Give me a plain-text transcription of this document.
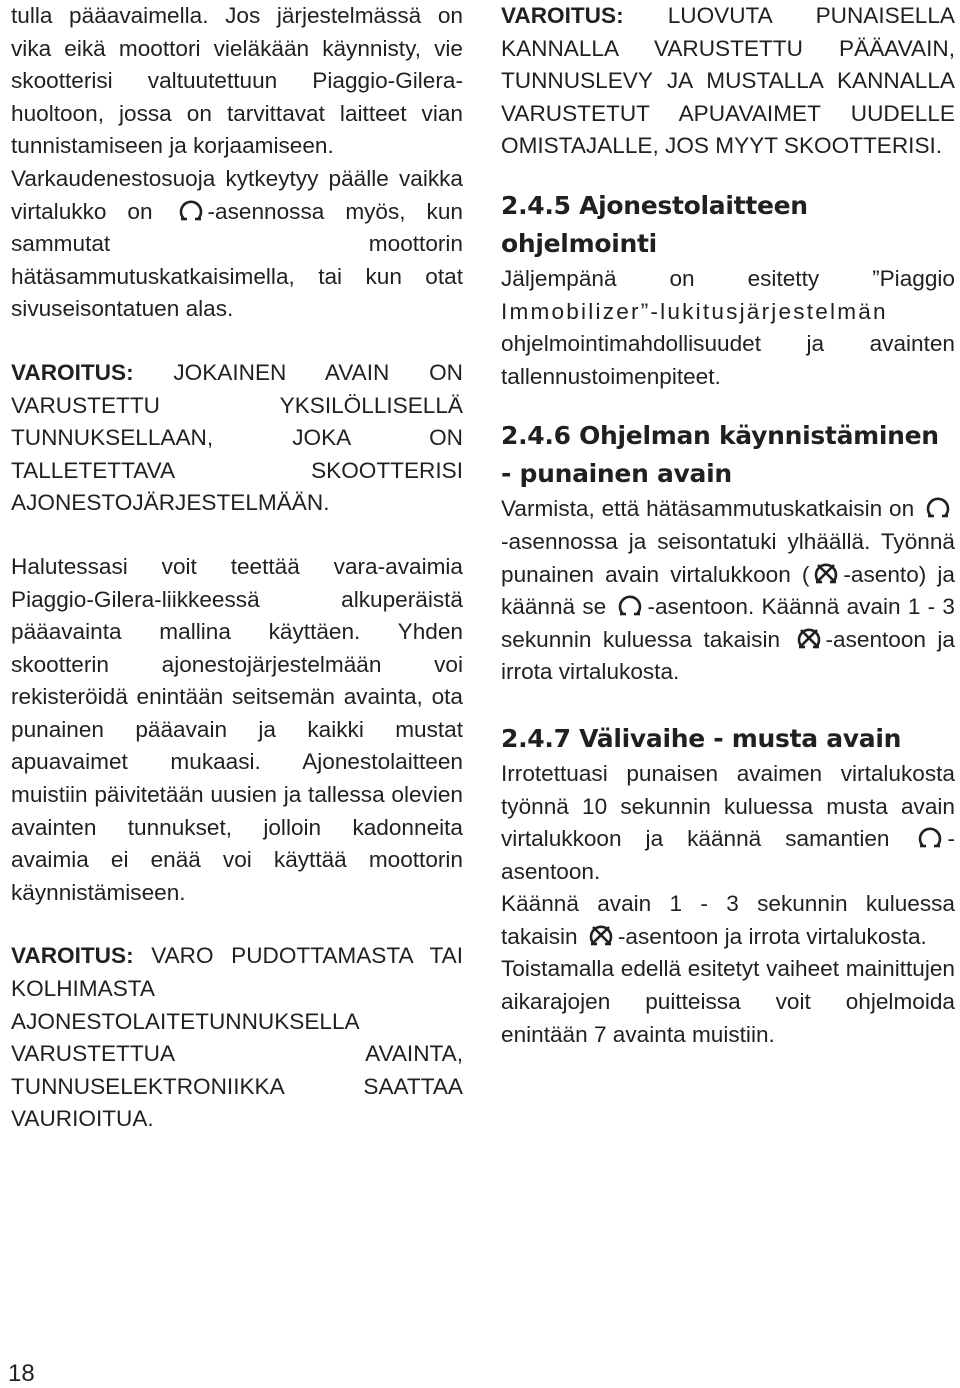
tulla pääavaimella. Jos järjestelmässä on vika eikä moottori vieläkään käynnisty, vie skootterisi valtuutettuun Piaggio-Gilera-huoltoon, jossa on tarvittavat laitteet vian tunnistamiseen ja korjaamiseen.

Varkaudenestosuoja kytkeytyy päälle vaikka virtalukko on
-asennossa myös, kun sammutat moottorin hätäsammutuskatkaisimella, tai kun otat sivuseisontatuen alas.

VAROITUS: JOKAINEN AVAIN ON VARUSTETTU YKSILÖLLISELLÄ TUNNUKSELLAAN, JOKA ON TALLETETTAVA SKOOTTERISI AJONESTOJÄRJESTELMÄÄN.

Halutessasi voit teettää vara-avaimia Piaggio-Gilera-liikkeessä alkuperäistä pääavainta mallina käyttäen. Yhden skootterin ajonestojärjestelmään voi rekisteröidä enintään seitsemän avainta, ota punainen pääavain ja kaikki mustat apuavaimet mukaasi. Ajonestolaitteen muistiin päivitetään uusien ja tallessa olevien avainten tunnukset, jolloin kadonneita avaimia ei enää voi käyttää moottorin käynnistämiseen.

VAROITUS: VARO PUDOTTAMASTA TAI KOLHIMASTA AJONESTOLAITETUNNUKSELLA VARUSTETTUA AVAINTA, TUNNUSELEKTRONIIKKA SAATTAA VAURIOITUA.

VAROITUS: LUOVUTA PUNAISELLA KANNALLA VARUSTETTU PÄÄAVAIN, TUNNUSLEVY JA MUSTALLA KANNALLA VARUSTETUT APUAVAIMET UUDELLE OMISTAJALLE, JOS MYYT SKOOTTERISI.

2.4.5 Ajonestolaitteen ohjelmointi

Jäljempänä on esitetty ”Piaggio

Immobilizer”-lukitusjärjestelmän

ohjelmointimahdollisuudet ja avainten tallennustoimenpiteet.

2.4.6 Ohjelman käynnistäminen - punainen avain

Varmista, että hätäsammutuskatkaisin on
-asennossa ja seisontatuki ylhäällä. Työnnä punainen avain virtalukkoon ( -asento) ja käännä se
-asentoon. Käännä avain 1 - 3 sekunnin kuluessa takaisin
-asentoon ja irrota virtalukosta.

2.4.7 Välivaihe - musta avain

Irrotettuasi punaisen avaimen virtalukosta työnnä 10 sekunnin kuluessa musta avain virtalukkoon ja käännä samantien
-asentoon.

Käännä avain 1 - 3 sekunnin kuluessa takaisin
-asentoon ja irrota virtalukosta.

Toistamalla edellä esitetyt vaiheet mainittujen aikarajojen puitteissa voit ohjelmoida enintään 7 avainta muistiin.

18
